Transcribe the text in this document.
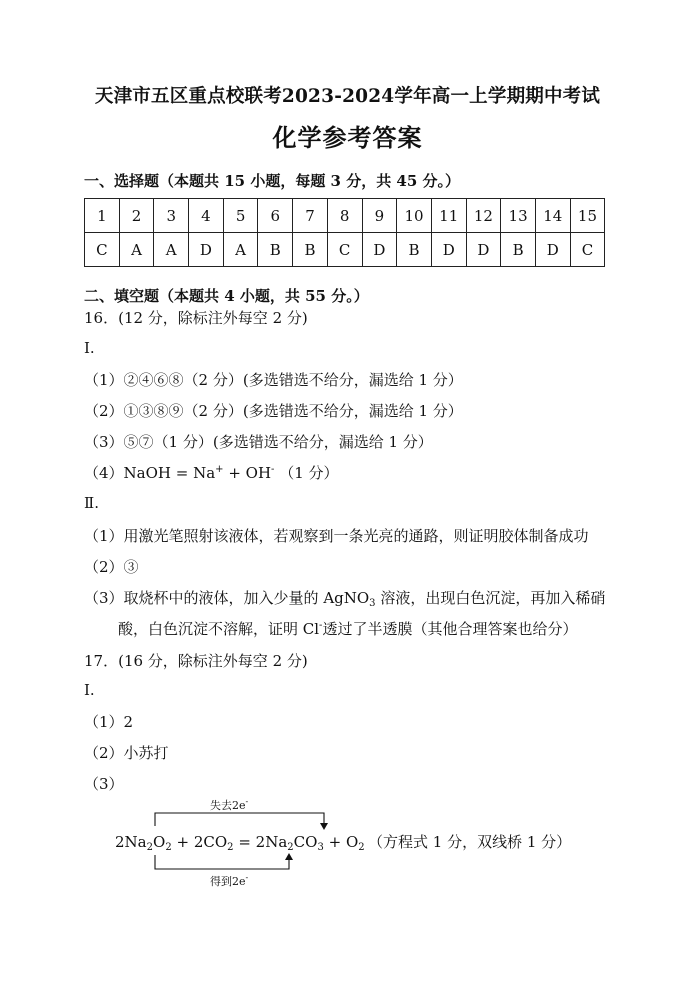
天津市五区重点校联考2023-2024学年高一上学期期中考试
化学参考答案
一、选择题（本题共 15 小题，每题 3 分，共 45 分。）
1	2	3	4	5	6	7	8	9	10	11	12	13	14	15
C	A	A	D	A	B	B	C	D	B	D	D	B	D	C
二、填空题（本题共 4 小题，共 55 分。）
16．(12 分，除标注外每空 2 分)
Ⅰ.
（1）②④⑥⑧（2 分）(多选错选不给分，漏选给 1 分）
（2）①③⑧⑨（2 分）(多选错选不给分，漏选给 1 分）
（3）⑤⑦（1 分）(多选错选不给分，漏选给 1 分）
（4）NaOH = Na+ + OH- （1 分）
Ⅱ.
（1）用激光笔照射该液体，若观察到一条光亮的通路，则证明胶体制备成功
（2）③
（3）取烧杯中的液体，加入少量的 AgNO$_3$ 溶液，出现白色沉淀，再加入稀硝
酸，白色沉淀不溶解，证明 Cl-透过了半透膜（其他合理答案也给分）
17．(16 分，除标注外每空 2 分)
Ⅰ.
（1）2
（2）小苏打
（3）
失去2e-
$2Na_2O_2 + 2CO_2 = 2Na_2CO_3 + O_2$ （方程式 1 分，双线桥 1 分）
得到2e-
